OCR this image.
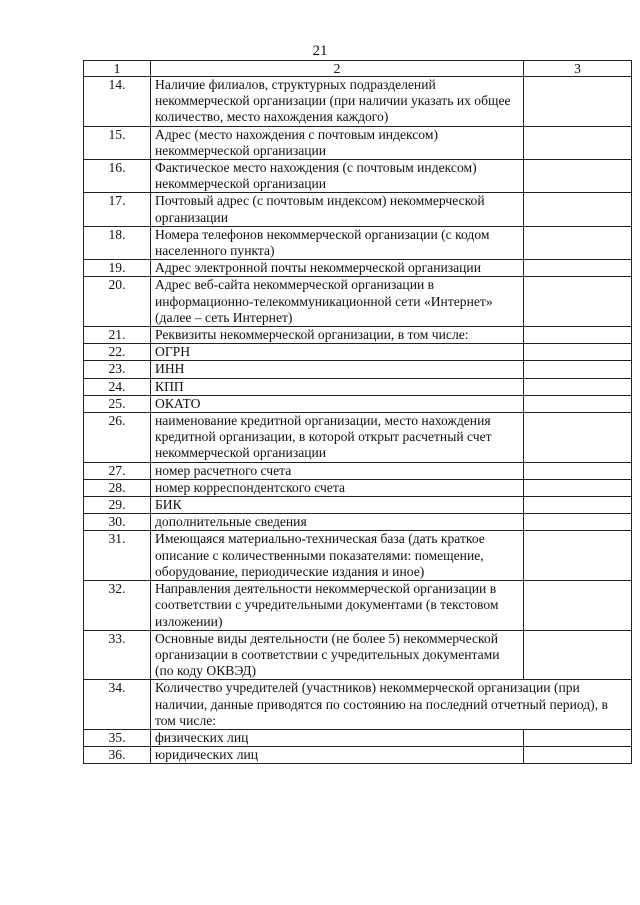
21
1	2	3
14.	Наличие филиалов, структурных подразделений некоммерческой организации (при наличии указать их общее количество, место нахождения каждого)	
15.	Адрес (место нахождения с почтовым индексом) некоммерческой организации	
16.	Фактическое место нахождения (с почтовым индексом) некоммерческой организации	
17.	Почтовый адрес (с почтовым индексом) некоммерческой организации	
18.	Номера телефонов некоммерческой организации (с кодом населенного пункта)	
19.	Адрес электронной почты некоммерческой организации	
20.	Адрес веб-сайта некоммерческой организации в информационно-телекоммуникационной сети «Интернет» (далее – сеть Интернет)	
21.	Реквизиты некоммерческой организации, в том числе:	
22.	ОГРН	
23.	ИНН	
24.	КПП	
25.	ОКАТО	
26.	наименование кредитной организации, место нахождения кредитной организации, в которой открыт расчетный счет некоммерческой организации	
27.	номер расчетного счета	
28.	номер корреспондентского счета	
29.	БИК	
30.	дополнительные сведения	
31.	Имеющаяся материально-техническая база (дать краткое описание с количественными показателями: помещение, оборудование, периодические издания и иное)	
32.	Направления деятельности некоммерческой организации в соответствии с учредительными документами (в текстовом изложении)	
33.	Основные виды деятельности (не более 5) некоммерческой организации в соответствии с учредительных документами (по коду ОКВЭД)	
34.	Количество учредителей (участников) некоммерческой организации (при наличии, данные приводятся по состоянию на последний отчетный период), в том числе:	
35.	физических лиц	
36.	юридических лиц	
